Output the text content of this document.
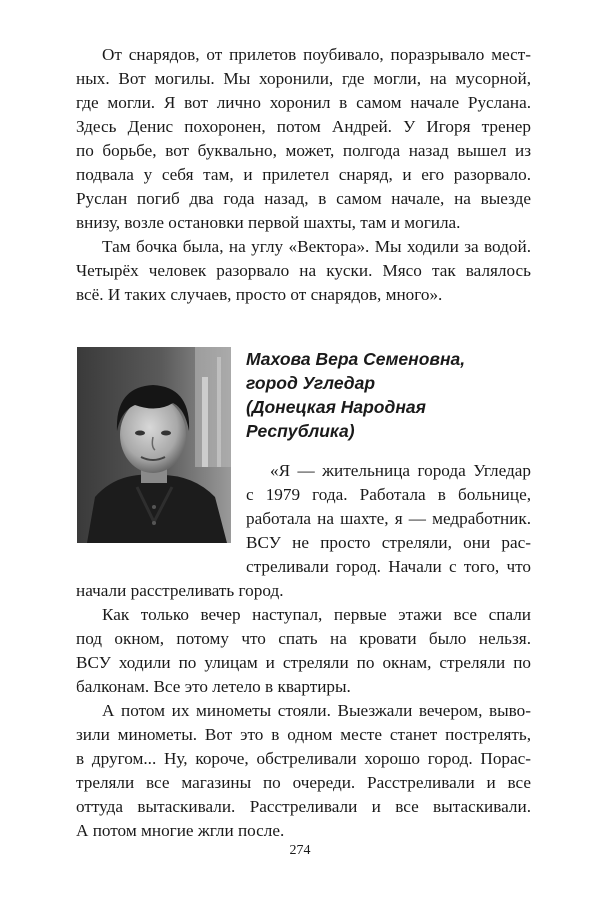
От снарядов, от прилетов поубивало, поразрывало мест-
ных. Вот могилы. Мы хоронили, где могли, на мусорной,
где могли. Я вот лично хоронил в самом начале Руслана.
Здесь Денис похоронен, потом Андрей. У Игоря тренер
по борьбе, вот буквально, может, полгода назад вышел из
подвала у себя там, и прилетел снаряд, и его разорвало.
Руслан погиб два года назад, в самом начале, на выезде
внизу, возле остановки первой шахты, там и могила.
Там бочка была, на углу «Вектора». Мы ходили за водой.
Четырёх человек разорвало на куски. Мясо так валялось
всё. И таких случаев, просто от снарядов, много».
Махова Вера Семеновна,
город Угледар
(Донецкая Народная
Республика)
«Я — жительница города Угледар
с 1979 года. Работала в больнице,
работала на шахте, я — медработник.
ВСУ не просто стреляли, они рас-
стреливали город. Начали с того, что
начали расстреливать город.
Как только вечер наступал, первые этажи все спали
под окном, потому что спать на кровати было нельзя.
ВСУ ходили по улицам и стреляли по окнам, стреляли по
балконам. Все это летело в квартиры.
А потом их минометы стояли. Выезжали вечером, выво-
зили минометы. Вот это в одном месте станет пострелять,
в другом... Ну, короче, обстреливали хорошо город. Порас-
треляли все магазины по очереди. Расстреливали и все
оттуда вытаскивали. Расстреливали и все вытаскивали.
А потом многие жгли после.
274
